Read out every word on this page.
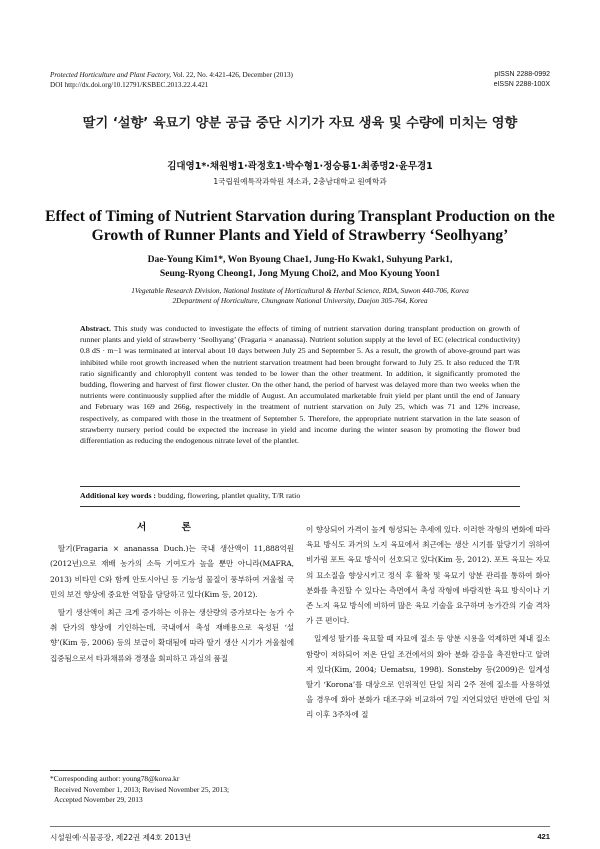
Protected Horticulture and Plant Factory, Vol. 22, No. 4:421-426, December (2013)
DOI http://dx.doi.org/10.12791/KSBEC.2013.22.4.421
pISSN 2288-0992
eISSN 2288-100X
딸기 ‘설향’ 육묘기 양분 공급 중단 시기가 자묘 생육 및 수량에 미치는 영향
김대영1*·채원병1·곽정호1·박수형1·정승룡1·최종명2·윤무경1
1국립원예특작과학원 채소과, 2충남대학교 원예학과
Effect of Timing of Nutrient Starvation during Transplant Production on the Growth of Runner Plants and Yield of Strawberry ‘Seolhyang’
Dae-Young Kim1*, Won Byoung Chae1, Jung-Ho Kwak1, Suhyung Park1,
Seung-Ryong Cheong1, Jong Myung Choi2, and Moo Kyoung Yoon1
1Vegetable Research Division, National Institute of Horticultural & Herbal Science, RDA, Suwon 440-706, Korea
2Department of Horticulture, Chungnam National University, Daejon 305-764, Korea
Abstract. This study was conducted to investigate the effects of timing of nutrient starvation during transplant production on growth of runner plants and yield of strawberry ‘Seolhyang’ (Fragaria × ananassa). Nutrient solution supply at the level of EC (electrical conductivity) 0.8 dS · m−1 was terminated at interval about 10 days between July 25 and September 5. As a result, the growth of above-ground part was inhibited while root growth increased when the nutrient starvation treatment had been brought forward to July 25. It also reduced the T/R ratio significantly and chlorophyll content was tended to be lower than the other treatment. In addition, it significantly promoted the budding, flowering and harvest of first flower cluster. On the other hand, the period of harvest was delayed more than two weeks when the nutrients were continuously supplied after the middle of August. An accumulated marketable fruit yield per plant until the end of January and February was 169 and 266g, respectively in the treatment of nutrient starvation on July 25, which was 71 and 12% increase, respectively, as compared with those in the treatment of September 5. Therefore, the appropriate nutrient starvation in the late season of strawberry nursery period could be expected the increase in yield and income during the winter season by promoting the flower bud differentiation as reducing the endogenous nitrate level of the plantlet.
Additional key words : budding, flowering, plantlet quality, T/R ratio
서 론

딸기(Fragaria × ananassa Duch.)는 국내 생산액이 11,888억원(2012년)으로 재배 농가의 소득 기여도가 높을 뿐만 아니라(MAFRA, 2013) 비타민 C와 함께 안토시아닌 등 기능성 물질이 풍부하여 겨울철 국민의 보건 향상에 중요한 역할을 담당하고 있다(Kim 등, 2012).

딸기 생산액이 최근 크게 증가하는 이유는 생산량의 증가보다는 농가 수취 단가의 향상에 기인하는데, 국내에서 촉성 재배용으로 육성된 ‘설향’(Kim 등, 2006) 등의 보급이 확대됨에 따라 딸기 생산 시기가 겨울철에 집중됨으로서 타과채류와 경쟁을 회피하고 과실의 품질

이 향상되어 가격이 높게 형성되는 추세에 있다. 이러한 작형의 변화에 따라 육묘 방식도 과거의 노지 육묘에서 최근에는 생산 시기를 앞당기기 위하여 비가림 포트 육묘 방식이 선호되고 있다(Kim 등, 2012). 포트 육묘는 자묘의 묘소질을 향상시키고 정식 후 활착 및 육묘기 양분 관리를 통하여 화아 분화를 촉진할 수 있다는 측면에서 촉성 작형에 바람직한 육묘 방식이나 기존 노지 육묘 방식에 비하여 많은 육묘 기술을 요구하며 농가간의 기술 격차가 큰 편이다.

일계성 딸기를 육묘할 때 자묘에 질소 등 양분 시용을 억제하면 체내 질소 함량이 저하되어 저온 단일 조건에서의 화아 분화 감응을 촉진한다고 알려져 있다(Kim, 2004; Uematsu, 1998). Sonsteby 등(2009)은 일계성 딸기 ‘Korona’를 대상으로 인위적인 단일 처리 2주 전에 질소를 사용하였을 경우에 화아 분화가 대조구와 비교하여 7일 지연되었던 반면에 단일 처리 이후 3주차에 질

*Corresponding author: young78@korea.kr
Received November 1, 2013; Revised November 25, 2013;
Accepted November 29, 2013
시설원예·식물공장, 제22권 제4호 2013년	421
